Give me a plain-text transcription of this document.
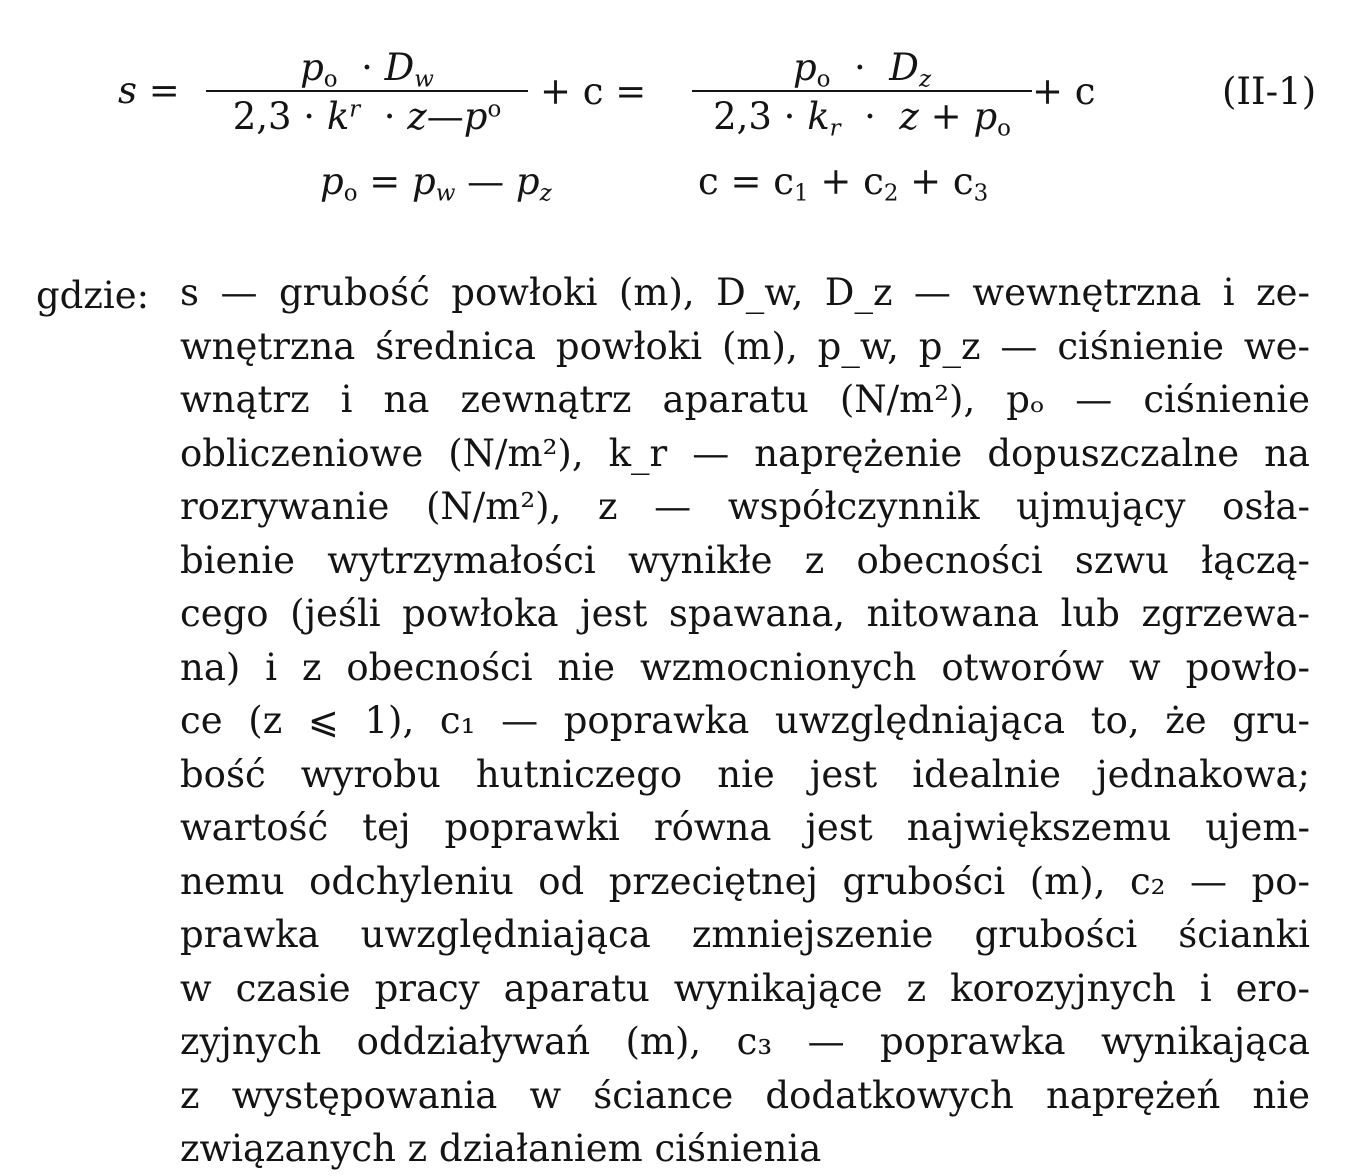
s =
$p_o \cdot D_w$
$2,3 \cdot k^r$  · $z—p^o$	+ c =
$p_o \cdot D_z$
$2,3 \cdot k_r \cdot z + p_o$
+ c	(II-1)
$p_o = p_w$ — $p_z$	$c = c_1 + c_2 + c_3$
gdzie: s — grubość powłoki (m), D_w, D_z — wewnętrzna i ze-
wnętrzna średnica powłoki (m), p_w, p_z — ciśnienie we-
wnątrz i na zewnątrz aparatu (N/m²), pₒ — ciśnienie
obliczeniowe (N/m²), k_r — naprężenie dopuszczalne na
rozrywanie (N/m²), z — współczynnik ujmujący osła-
bienie wytrzymałości wynikłe z obecności szwu łączą-
cego (jeśli powłoka jest spawana, nitowana lub zgrzewa-
na) i z obecności nie wzmocnionych otworów w powło-
ce (z ⩽ 1), c₁ — poprawka uwzględniająca to, że gru-
bość wyrobu hutniczego nie jest idealnie jednakowa;
wartość tej poprawki równa jest największemu ujem-
nemu odchyleniu od przeciętnej grubości (m), c₂ — po-
prawka uwzględniająca zmniejszenie grubości ścianki
w czasie pracy aparatu wynikające z korozyjnych i ero-
zyjnych oddziaływań (m), c₃ — poprawka wynikająca
z występowania w ściance dodatkowych naprężeń nie
związanych z działaniem ciśnienia
